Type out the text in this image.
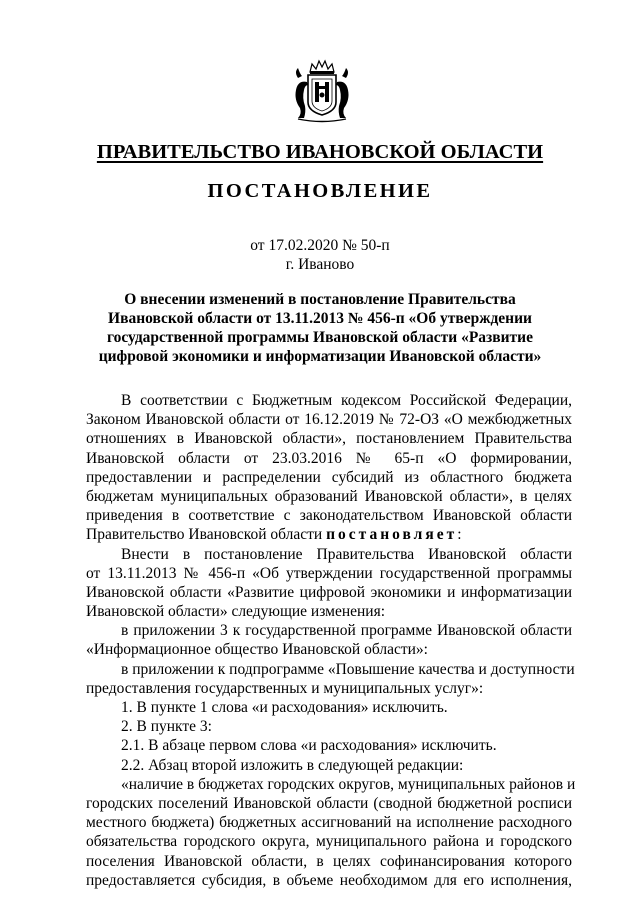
ПРАВИТЕЛЬСТВО ИВАНОВСКОЙ ОБЛАСТИ
ПОСТАНОВЛЕНИЕ
от 17.02.2020 № 50-п
г. Иваново
О внесении изменений в постановление Правительства
Ивановской области от 13.11.2013 № 456-п «Об утверждении
государственной программы Ивановской области «Развитие
цифровой экономики и информатизации Ивановской области»
В соответствии с Бюджетным кодексом Российской Федерации,
Законом Ивановской области от 16.12.2019 № 72-ОЗ «О межбюджетных
отношениях в Ивановской области», постановлением Правительства
Ивановской области от 23.03.2016 № 65-п «О формировании,
предоставлении и распределении субсидий из областного бюджета
бюджетам муниципальных образований Ивановской области», в целях
приведения в соответствие с законодательством Ивановской области
Правительство Ивановской области постановляет:
Внести в постановление Правительства Ивановской области
от 13.11.2013 № 456-п «Об утверждении государственной программы
Ивановской области «Развитие цифровой экономики и информатизации
Ивановской области» следующие изменения:
в приложении 3 к государственной программе Ивановской области
«Информационное общество Ивановской области»:
в приложении к подпрограмме «Повышение качества и доступности
предоставления государственных и муниципальных услуг»:
1. В пункте 1 слова «и расходования» исключить.
2. В пункте 3:
2.1. В абзаце первом слова «и расходования» исключить.
2.2. Абзац второй изложить в следующей редакции:
«наличие в бюджетах городских округов, муниципальных районов и
городских поселений Ивановской области (сводной бюджетной росписи
местного бюджета) бюджетных ассигнований на исполнение расходного
обязательства городского округа, муниципального района и городского
поселения Ивановской области, в целях софинансирования которого
предоставляется субсидия, в объеме необходимом для его исполнения,
